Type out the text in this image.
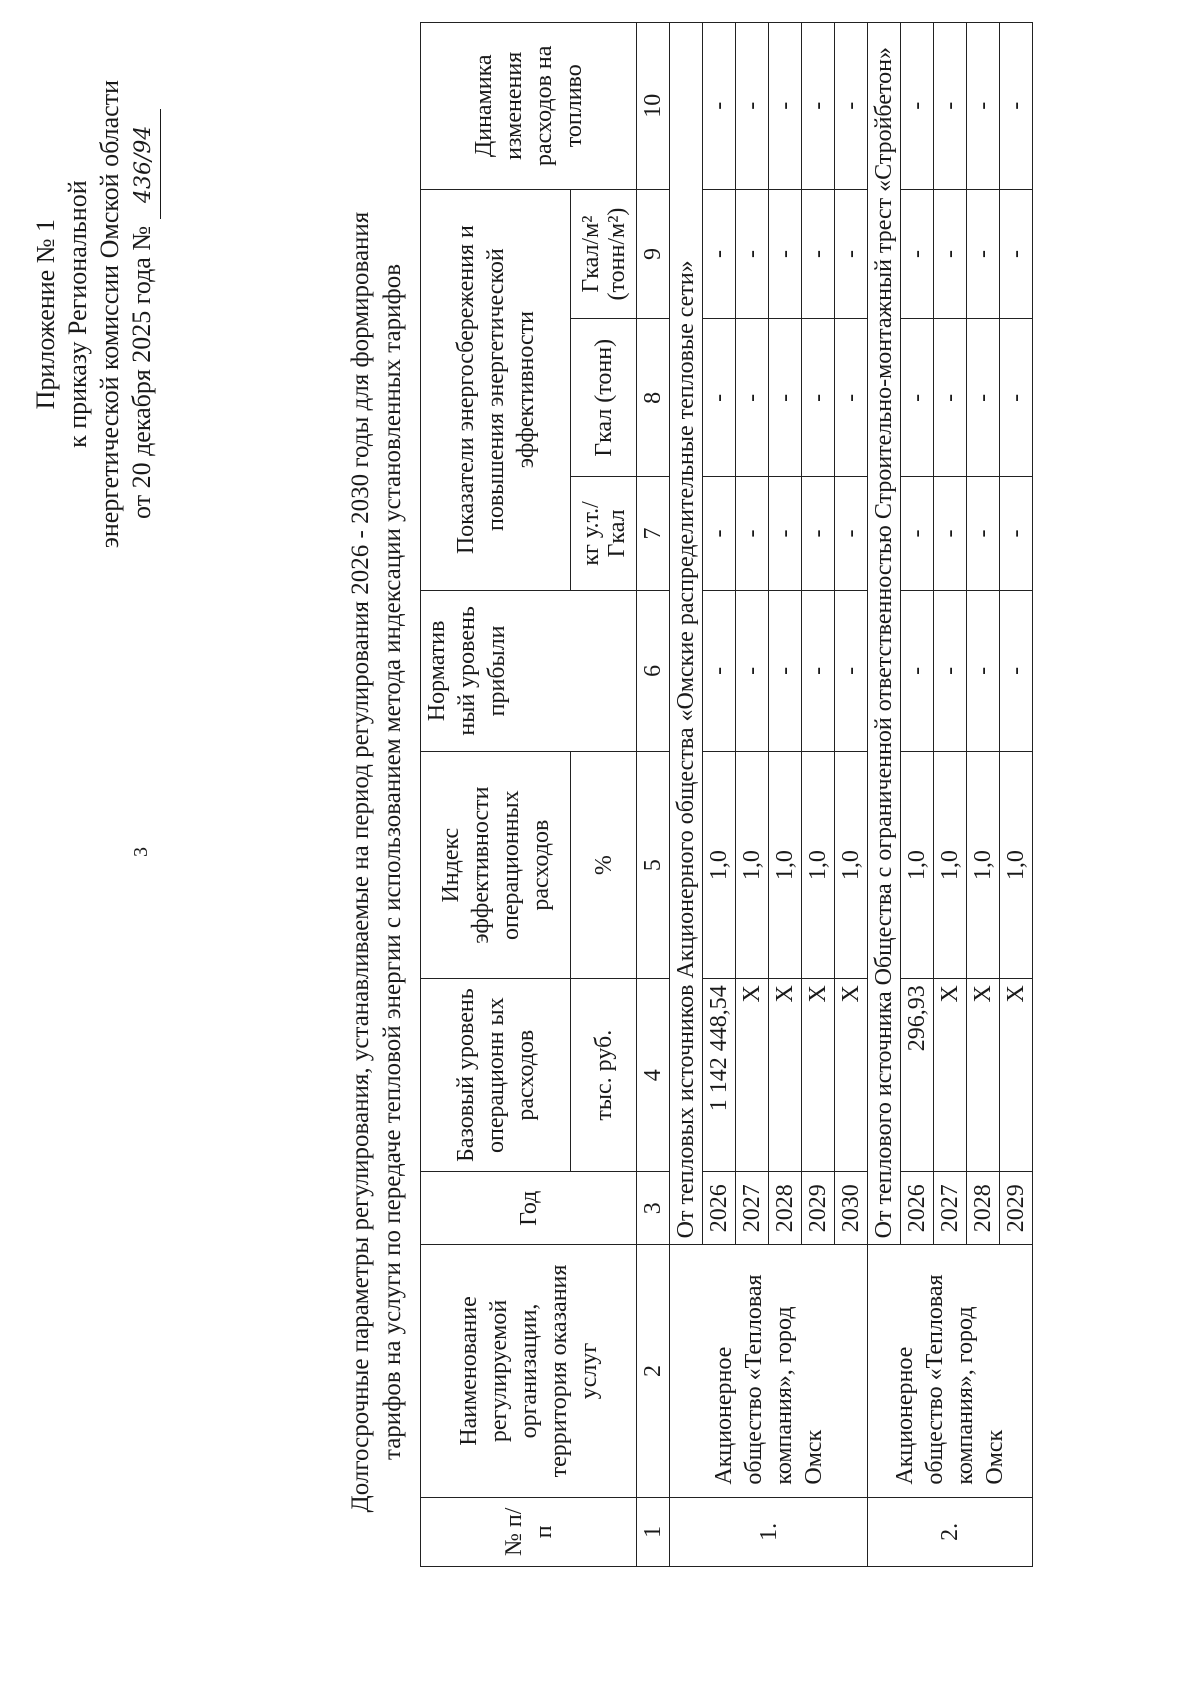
3
Приложение № 1 к приказу Региональной энергетической комиссии Омской области от 20 декабря 2025 года № 436/94
Долгосрочные параметры регулирования, устанавливаемые на период регулирования 2026 - 2030 годы для формирования тарифов на услуги по передаче тепловой энергии с использованием метода индексации установленных тарифов
№ п/п	Наименование регулируемой организации, территория оказания услуг	Год	Базовый уровень операционн ых расходов	Индекс эффективности операционных расходов	Норматив ный уровень прибыли	Показатели энергосбережения и повышения энергетической эффективности			Динамика изменения расходов на топливо
			тыс. руб.	%		кг у.т./ Гкал	Гкал (тонн)	Гкал/м² (тонн/м²)	
1	2	3	4	5	6	7	8	9	10
1.	Акционерное общество «Тепловая компания», город Омск	От тепловых источников Акционерного общества «Омские распределительные тепловые сети»							
		2026	1 142 448,54	1,0	-	-	-	-	-
		2027	X	1,0	-	-	-	-	-
		2028	X	1,0	-	-	-	-	-
		2029	X	1,0	-	-	-	-	-
		2030	X	1,0	-	-	-	-	-
2.	Акционерное общество «Тепловая компания», город Омск	От теплового источника Общества с ограниченной ответственностью Строительно-монтажный трест «Стройбетон»							
		2026	296,93	1,0	-	-	-	-	-
		2027	X	1,0	-	-	-	-	-
		2028	X	1,0	-	-	-	-	-
		2029	X	1,0	-	-	-	-	-
